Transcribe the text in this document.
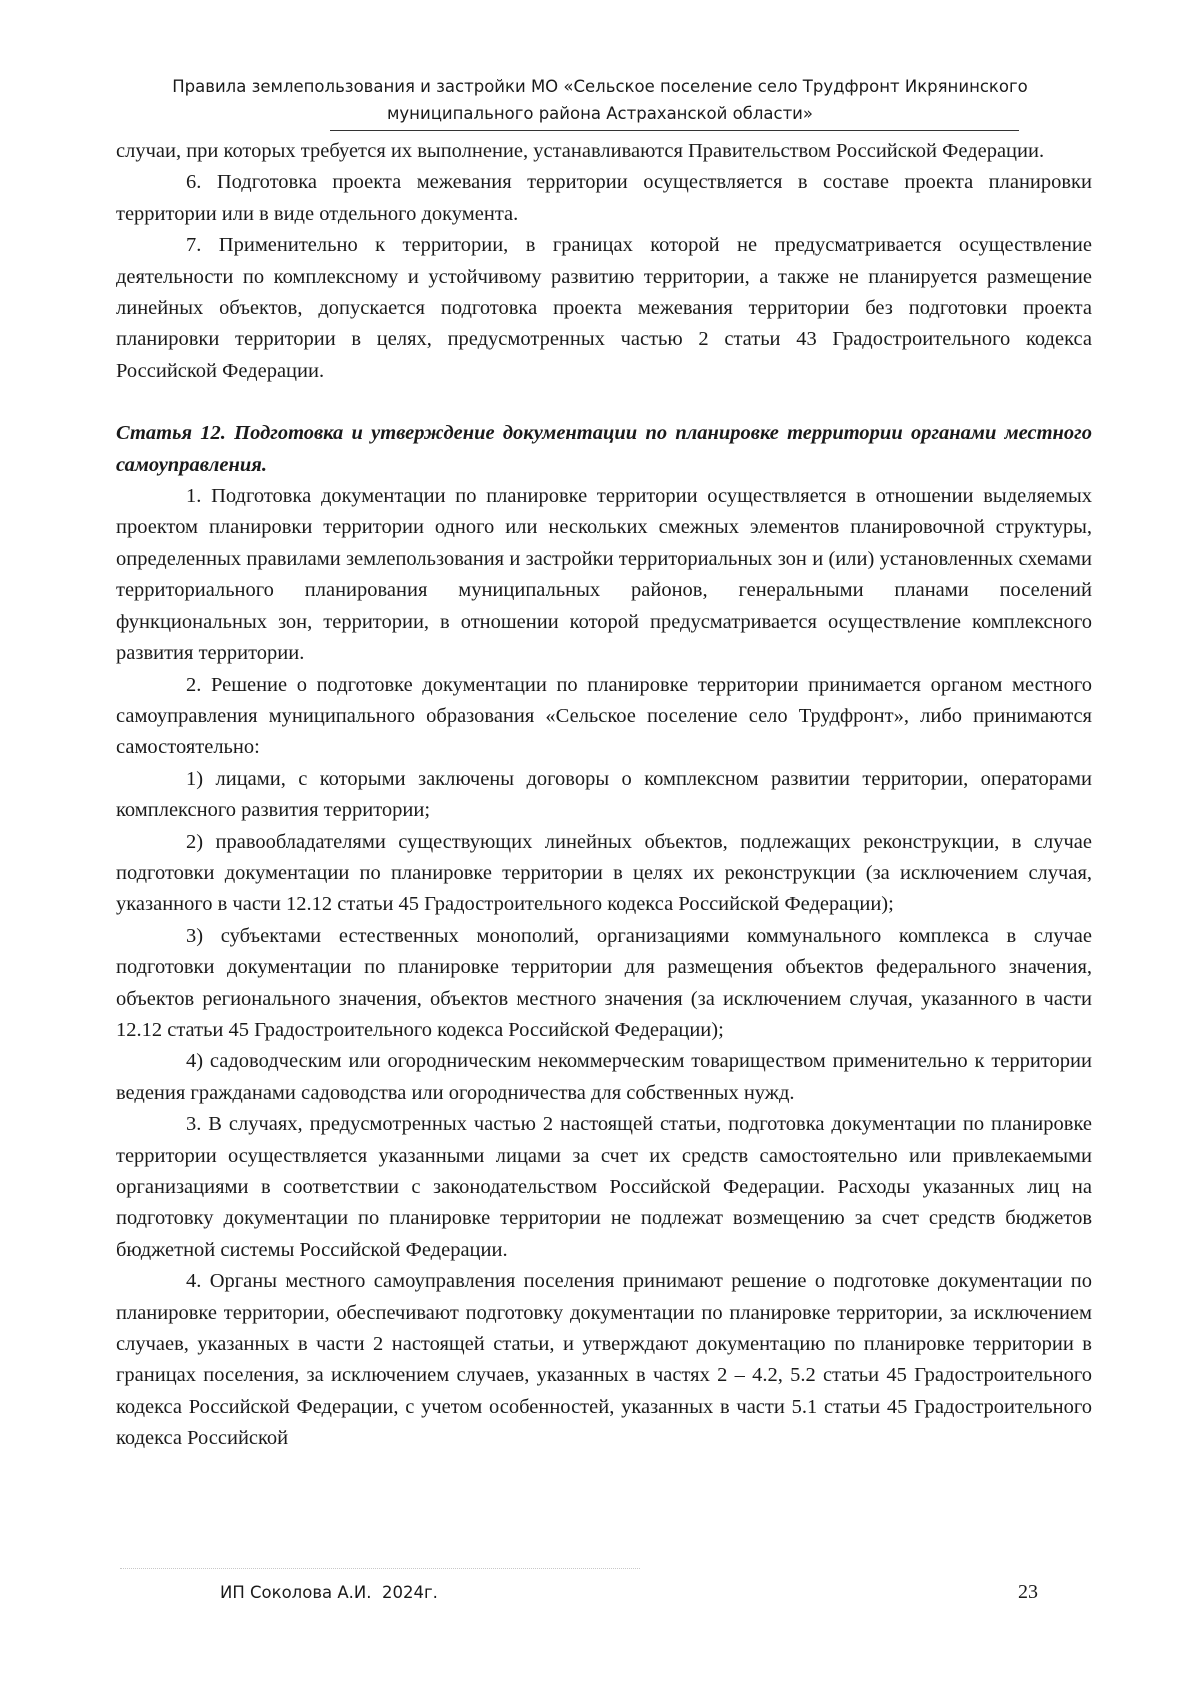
Правила землепользования и застройки МО «Сельское поселение село Трудфронт Икрянинского
муниципального района Астраханской области»

случаи, при которых требуется их выполнение, устанавливаются Правительством Российской Федерации.

6. Подготовка проекта межевания территории осуществляется в составе проекта планировки территории или в виде отдельного документа.

7. Применительно к территории, в границах которой не предусматривается осуществление деятельности по комплексному и устойчивому развитию территории, а также не планируется размещение линейных объектов, допускается подготовка проекта межевания территории без подготовки проекта планировки территории в целях, предусмотренных частью 2 статьи 43 Градостроительного кодекса Российской Федерации.

Статья 12. Подготовка и утверждение документации по планировке территории органами местного самоуправления.

1. Подготовка документации по планировке территории осуществляется в отношении выделяемых проектом планировки территории одного или нескольких смежных элементов планировочной структуры, определенных правилами землепользования и застройки территориальных зон и (или) установленных схемами территориального планирования муниципальных районов, генеральными планами поселений функциональных зон, территории, в отношении которой предусматривается осуществление комплексного развития территории.

2. Решение о подготовке документации по планировке территории принимается органом местного самоуправления муниципального образования «Сельское поселение село Трудфронт», либо принимаются самостоятельно:

1) лицами, с которыми заключены договоры о комплексном развитии территории, операторами комплексного развития территории;

2) правообладателями существующих линейных объектов, подлежащих реконструкции, в случае подготовки документации по планировке территории в целях их реконструкции (за исключением случая, указанного в части 12.12 статьи 45 Градостроительного кодекса Российской Федерации);

3) субъектами естественных монополий, организациями коммунального комплекса в случае подготовки документации по планировке территории для размещения объектов федерального значения, объектов регионального значения, объектов местного значения (за исключением случая, указанного в части 12.12 статьи 45 Градостроительного кодекса Российской Федерации);

4) садоводческим или огородническим некоммерческим товариществом применительно к территории ведения гражданами садоводства или огородничества для собственных нужд.

3. В случаях, предусмотренных частью 2 настоящей статьи, подготовка документации по планировке территории осуществляется указанными лицами за счет их средств самостоятельно или привлекаемыми организациями в соответствии с законодательством Российской Федерации. Расходы указанных лиц на подготовку документации по планировке территории не подлежат возмещению за счет средств бюджетов бюджетной системы Российской Федерации.

4. Органы местного самоуправления поселения принимают решение о подготовке документации по планировке территории, обеспечивают подготовку документации по планировке территории, за исключением случаев, указанных в части 2 настоящей статьи, и утверждают документацию по планировке территории в границах поселения, за исключением случаев, указанных в частях 2 – 4.2, 5.2 статьи 45 Градостроительного кодекса Российской Федерации, с учетом особенностей, указанных в части 5.1 статьи 45 Градостроительного кодекса Российской

ИП Соколова А.И.  2024г.	23
